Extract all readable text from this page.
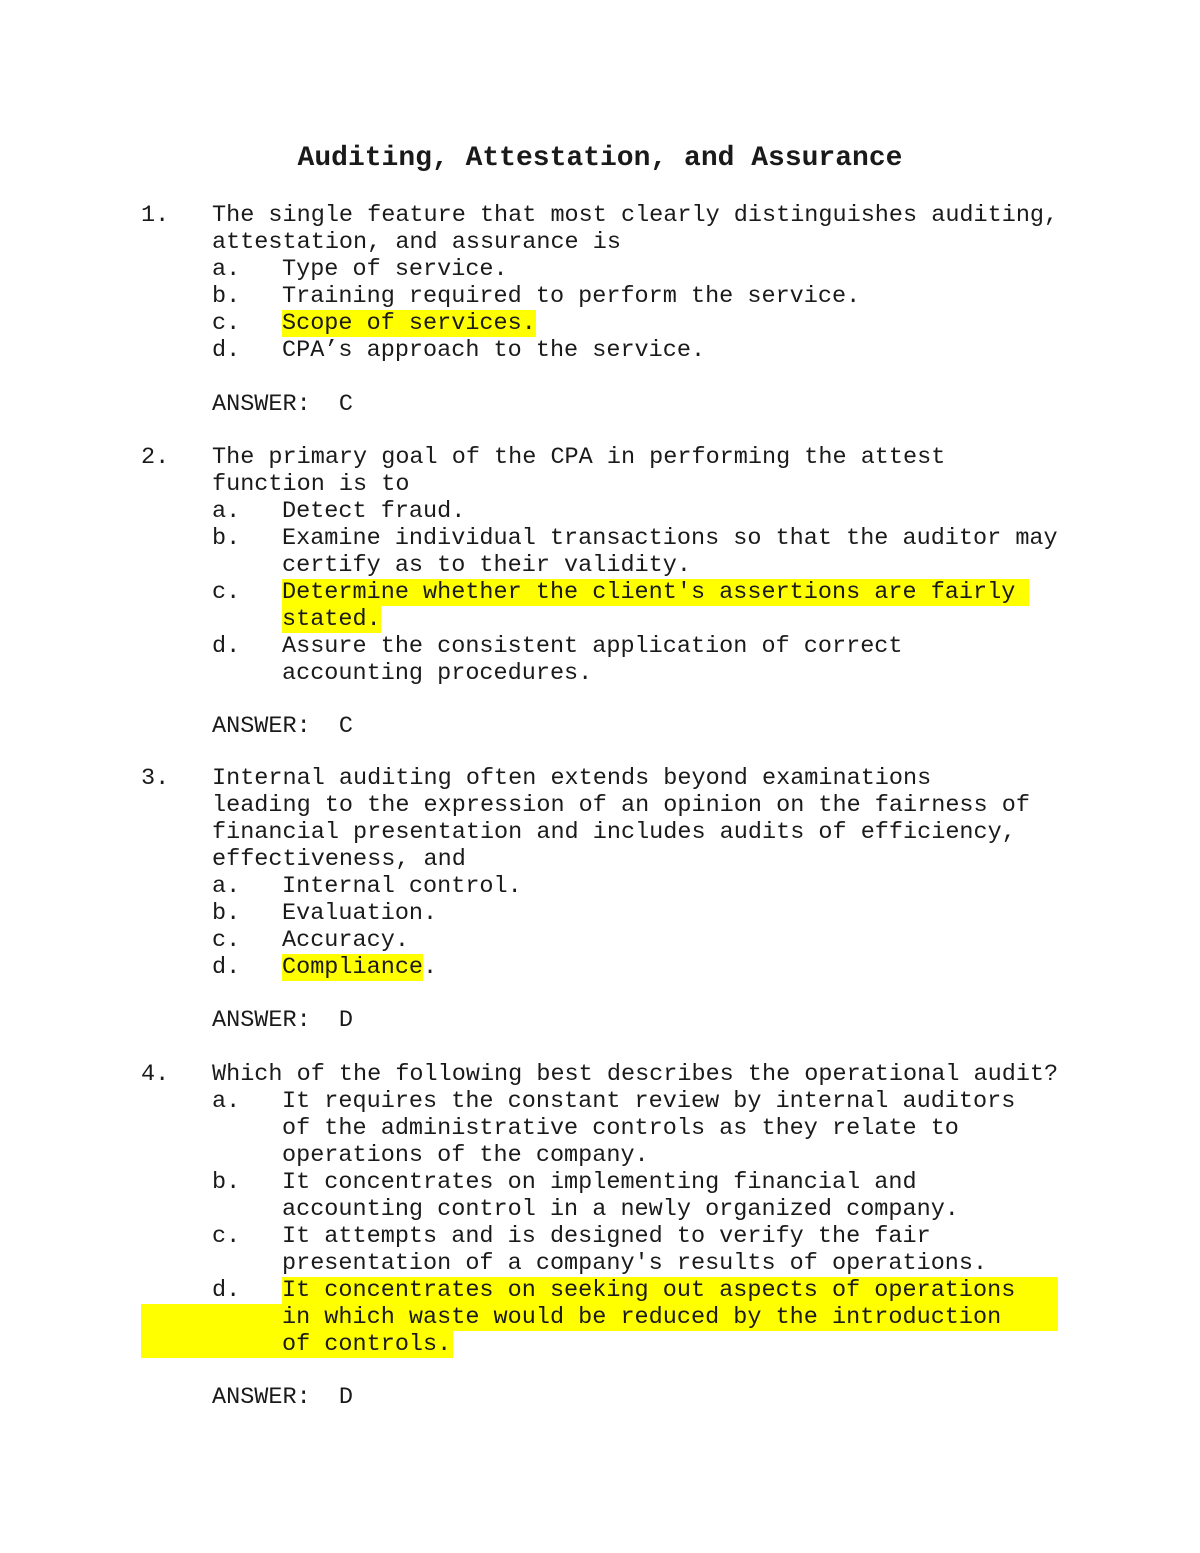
Auditing, Attestation, and Assurance
1. The single feature that most clearly distinguishes auditing,
attestation, and assurance is
a. Type of service.
b. Training required to perform the service.
c. Scope of services.
d. CPA’s approach to the service.
ANSWER:  C
2. The primary goal of the CPA in performing the attest
function is to
a. Detect fraud.
b. Examine individual transactions so that the auditor may
certify as to their validity.
c. Determine whether the client's assertions are fairly
stated.
d. Assure the consistent application of correct
accounting procedures.
ANSWER:  C
3. Internal auditing often extends beyond examinations
leading to the expression of an opinion on the fairness of
financial presentation and includes audits of efficiency,
effectiveness, and
a. Internal control.
b. Evaluation.
c. Accuracy.
d. Compliance.
ANSWER:  D
4. Which of the following best describes the operational audit?
a. It requires the constant review by internal auditors
of the administrative controls as they relate to
operations of the company.
b. It concentrates on implementing financial and
accounting control in a newly organized company.
c. It attempts and is designed to verify the fair
presentation of a company's results of operations.
d. It concentrates on seeking out aspects of operations
in which waste would be reduced by the introduction
of controls.
ANSWER:  D
